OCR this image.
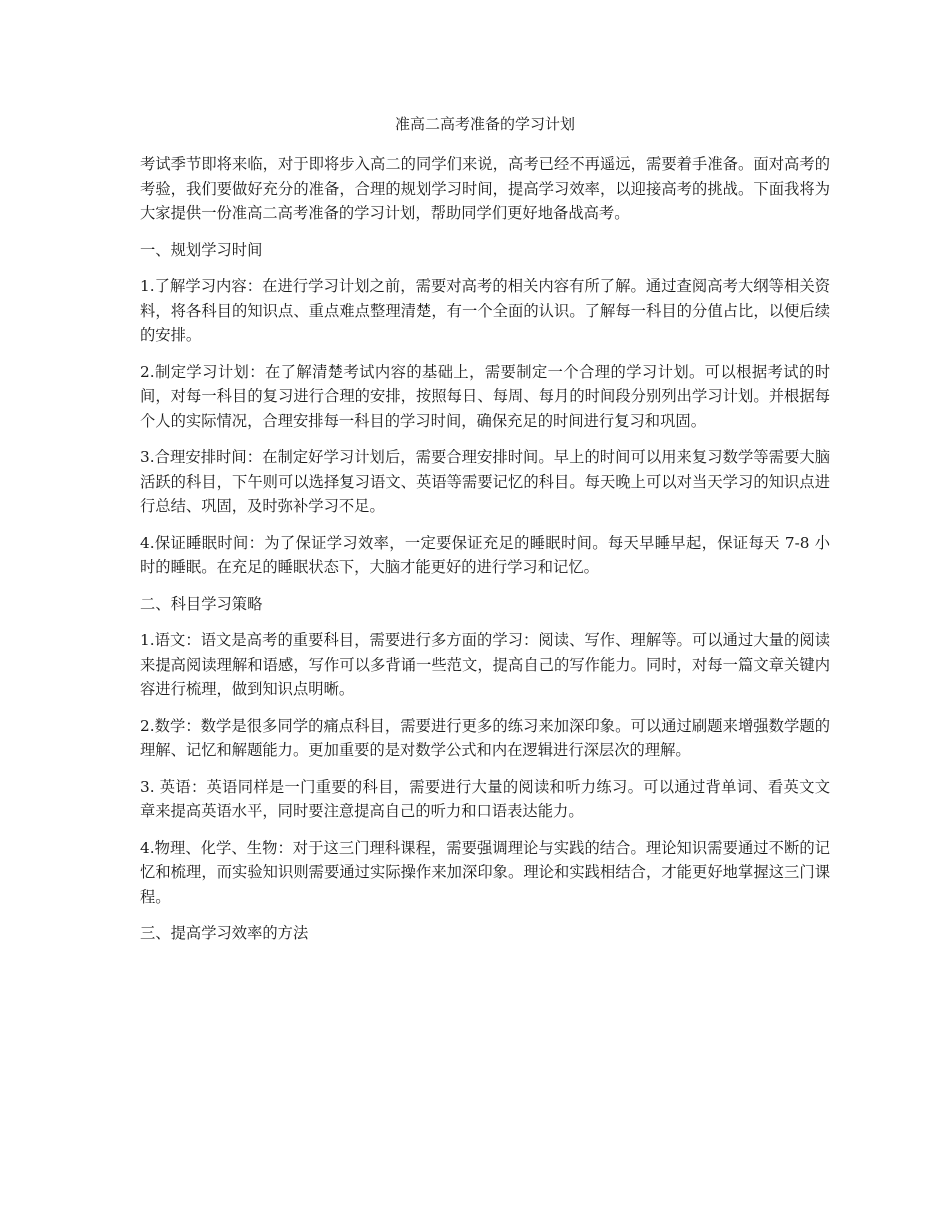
准高二高考准备的学习计划

考试季节即将来临，对于即将步入高二的同学们来说，高考已经不再遥远，需要着手准备。面对高考的考验，我们要做好充分的准备，合理的规划学习时间，提高学习效率，以迎接高考的挑战。下面我将为大家提供一份准高二高考准备的学习计划，帮助同学们更好地备战高考。

一、规划学习时间

1.了解学习内容：在进行学习计划之前，需要对高考的相关内容有所了解。通过查阅高考大纲等相关资料，将各科目的知识点、重点难点整理清楚，有一个全面的认识。了解每一科目的分值占比，以便后续的安排。

2.制定学习计划：在了解清楚考试内容的基础上，需要制定一个合理的学习计划。可以根据考试的时间，对每一科目的复习进行合理的安排，按照每日、每周、每月的时间段分别列出学习计划。并根据每个人的实际情况，合理安排每一科目的学习时间，确保充足的时间进行复习和巩固。

3.合理安排时间：在制定好学习计划后，需要合理安排时间。早上的时间可以用来复习数学等需要大脑活跃的科目，下午则可以选择复习语文、英语等需要记忆的科目。每天晚上可以对当天学习的知识点进行总结、巩固，及时弥补学习不足。

4.保证睡眠时间：为了保证学习效率，一定要保证充足的睡眠时间。每天早睡早起，保证每天 7-8 小时的睡眠。在充足的睡眠状态下，大脑才能更好的进行学习和记忆。

二、科目学习策略

1.语文：语文是高考的重要科目，需要进行多方面的学习：阅读、写作、理解等。可以通过大量的阅读来提高阅读理解和语感，写作可以多背诵一些范文，提高自己的写作能力。同时，对每一篇文章关键内容进行梳理，做到知识点明晰。

2.数学：数学是很多同学的痛点科目，需要进行更多的练习来加深印象。可以通过刷题来增强数学题的理解、记忆和解题能力。更加重要的是对数学公式和内在逻辑进行深层次的理解。

3. 英语：英语同样是一门重要的科目，需要进行大量的阅读和听力练习。可以通过背单词、看英文文章来提高英语水平，同时要注意提高自己的听力和口语表达能力。

4.物理、化学、生物：对于这三门理科课程，需要强调理论与实践的结合。理论知识需要通过不断的记忆和梳理，而实验知识则需要通过实际操作来加深印象。理论和实践相结合，才能更好地掌握这三门课程。

三、提高学习效率的方法
